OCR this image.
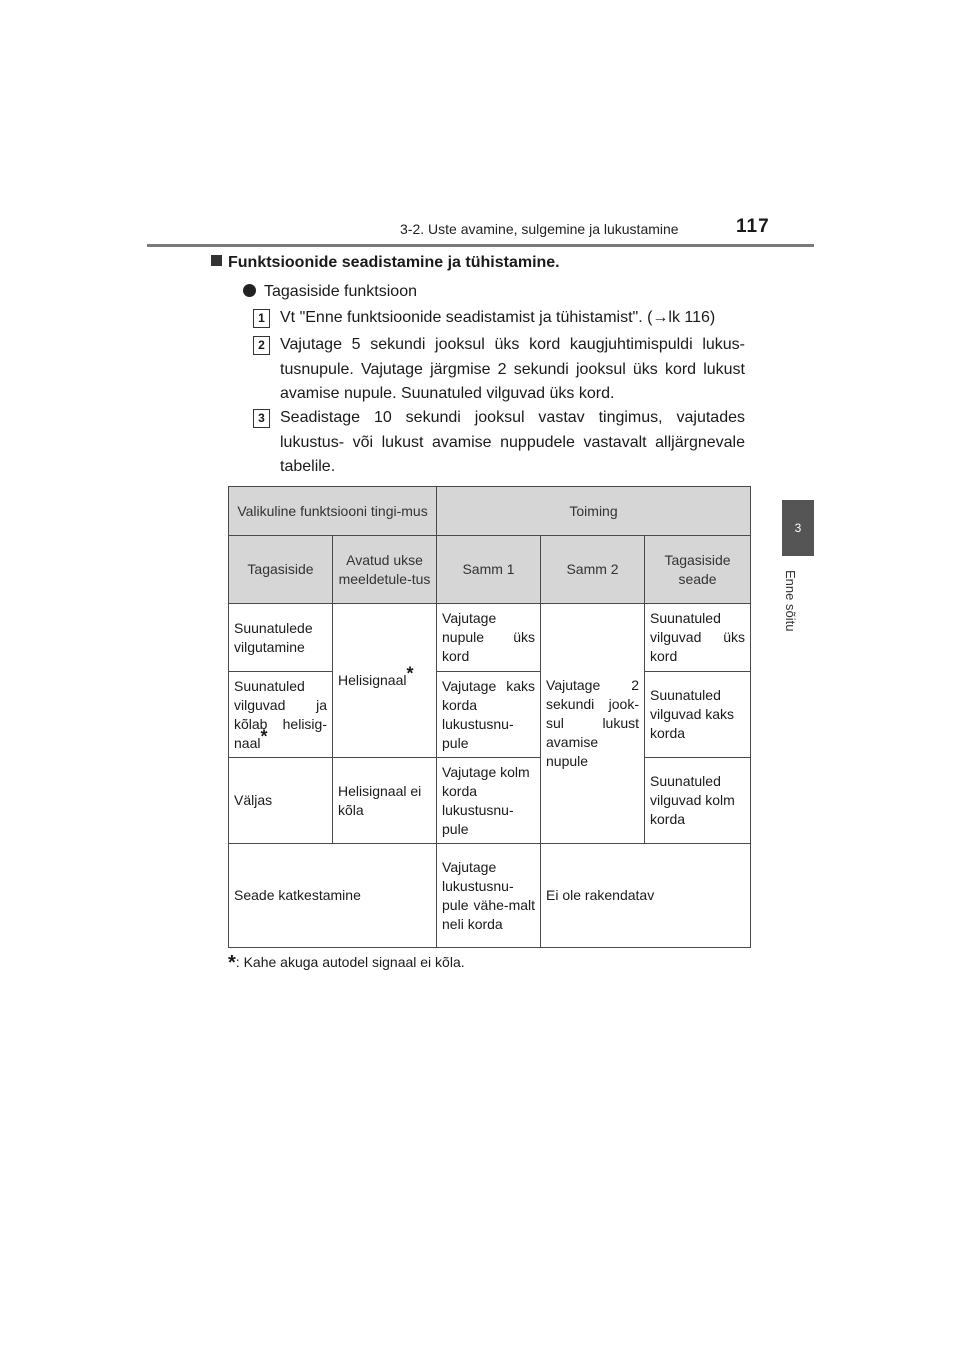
3-2. Uste avamine, sulgemine ja lukustamine	117
3
Enne sõitu
Funktsioonide seadistamine ja tühistamine.
Tagasiside funktsioon
1 Vt "Enne funktsioonide seadistamist ja tühistamist". (→lk 116)
2 Vajutage 5 sekundi jooksul üks kord kaugjuhtimispuldi lukus-tusnupule. Vajutage järgmise 2 sekundi jooksul üks kord lukust avamise nupule. Suunatuled vilguvad üks kord.
3 Seadistage 10 sekundi jooksul vastav tingimus, vajutades lukustus- või lukust avamise nuppudele vastavalt alljärgnevale tabelile.
Valikuline funktsiooni tingi-mus		Toiming		
Tagasiside	Avatud ukse meeldetule-tus	Samm 1	Samm 2	Tagasiside seade
Suunatulede vilgutamine	Helisignaal*	Vajutage nupule üks kord	Vajutage 2 sekundi jook-sul lukust avamise nupule	Suunatuled vilguvad üks kord
Suunatuled vilguvad ja kõlab helisig-naal*		Vajutage kaks korda lukustusnu-pule		Suunatuled vilguvad kaks korda
Väljas	Helisignaal ei kõla	Vajutage kolm korda lukustusnu-pule		Suunatuled vilguvad kolm korda
Seade katkestamine		Vajutage lukustusnu-pule vähe-malt neli korda	Ei ole rakendatav	
*: Kahe akuga autodel signaal ei kõla.
